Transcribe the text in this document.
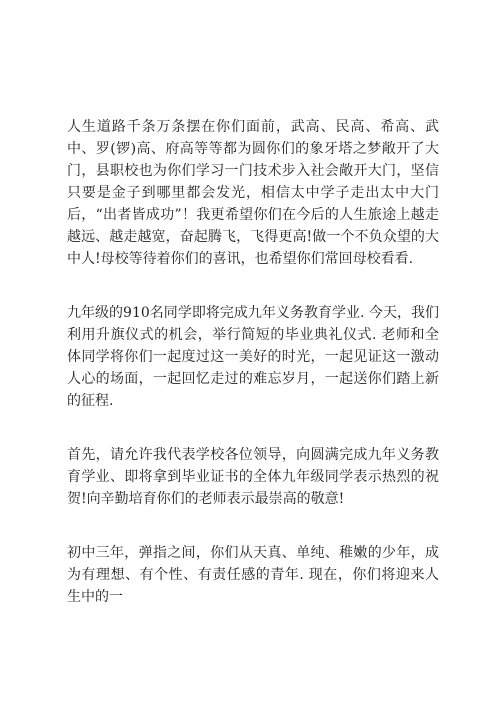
人生道路千条万条摆在你们面前，武高、民高、希高、武中、罗(锣)高、府高等等都为圆你们的象牙塔之梦敞开了大门，县职校也为你们学习一门技术步入社会敞开大门，坚信只要是金子到哪里都会发光，相信太中学子走出太中大门后，“出者皆成功”！我更希望你们在今后的人生旅途上越走越远、越走越宽，奋起腾飞，飞得更高!做一个不负众望的大中人!母校等待着你们的喜讯，也希望你们常回母校看看.

九年级的910名同学即将完成九年义务教育学业. 今天，我们利用升旗仪式的机会，举行简短的毕业典礼仪式. 老师和全体同学将你们一起度过这一美好的时光，一起见证这一激动人心的场面，一起回忆走过的难忘岁月，一起送你们踏上新的征程.

首先，请允许我代表学校各位领导，向圆满完成九年义务教育学业、即将拿到毕业证书的全体九年级同学表示热烈的祝贺!向辛勤培育你们的老师表示最崇高的敬意!

初中三年，弹指之间，你们从天真、单纯、稚嫩的少年，成为有理想、有个性、有责任感的青年. 现在，你们将迎来人生中的一
